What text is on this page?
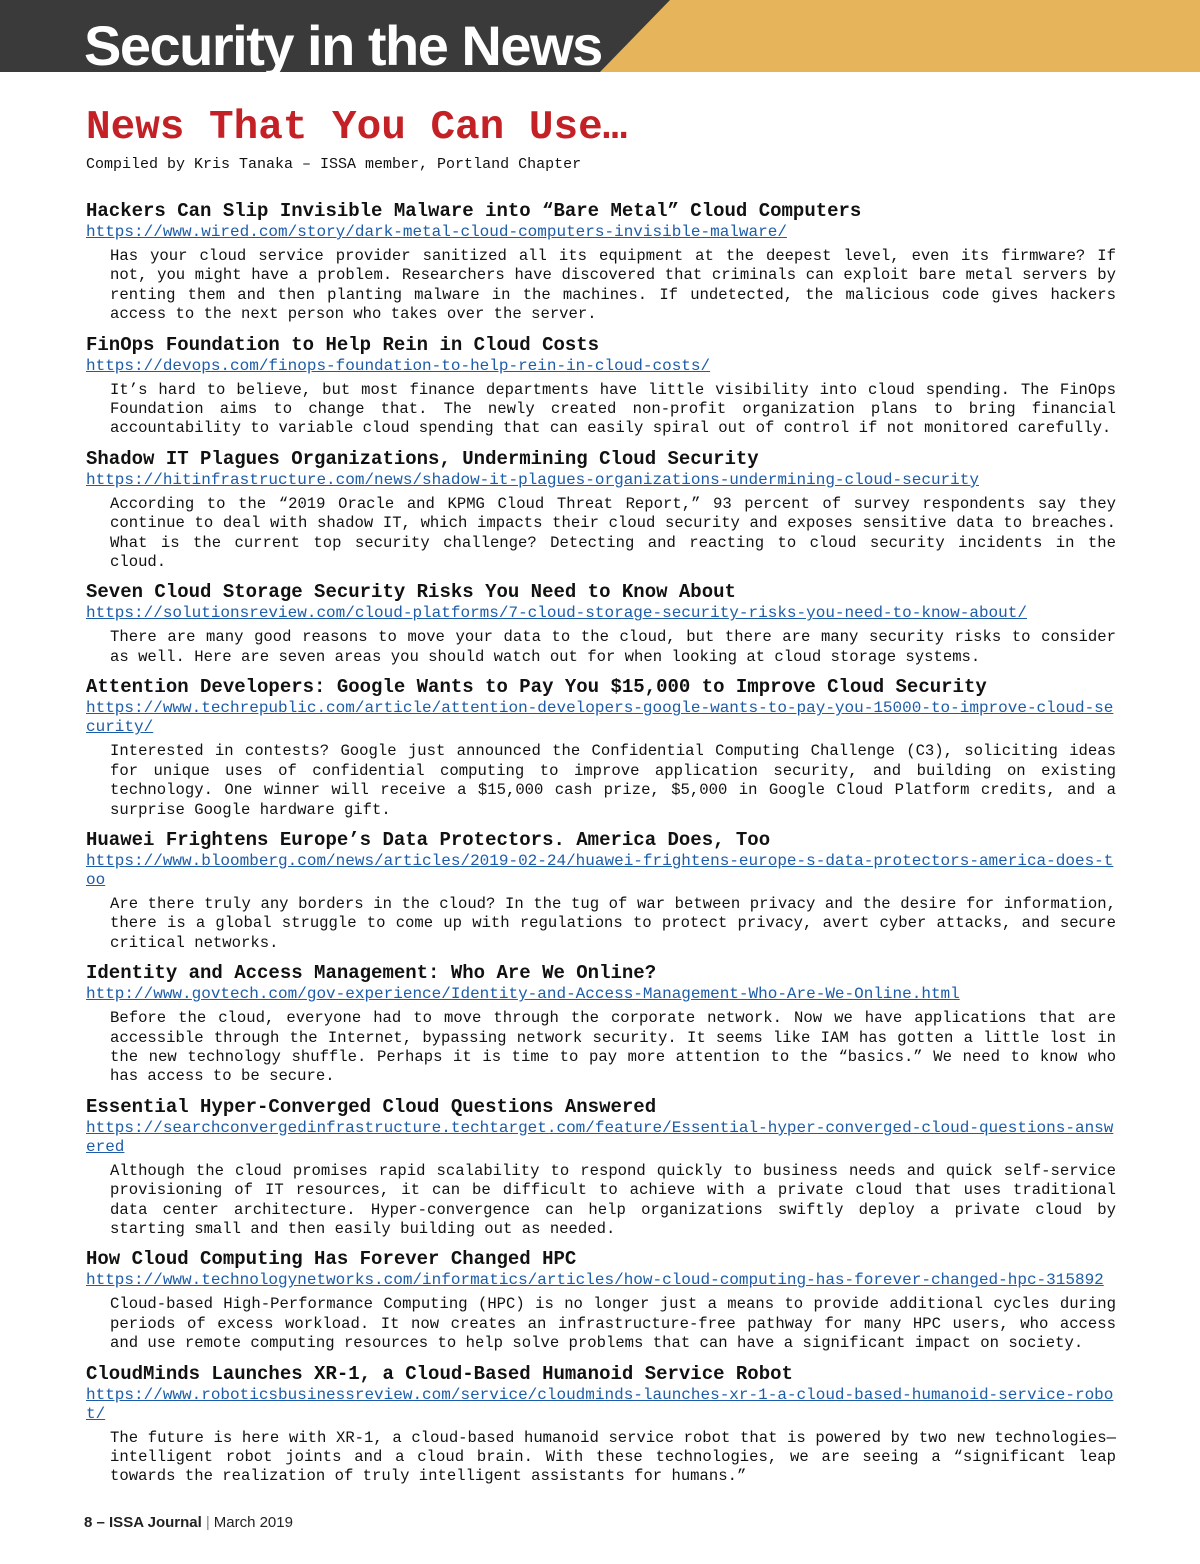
Security in the News
News That You Can Use…
Compiled by Kris Tanaka – ISSA member, Portland Chapter
Hackers Can Slip Invisible Malware into “Bare Metal” Cloud Computers
https://www.wired.com/story/dark-metal-cloud-computers-invisible-malware/
Has your cloud service provider sanitized all its equipment at the deepest level, even its firmware? If not, you might have a problem. Researchers have discovered that criminals can exploit bare metal servers by renting them and then planting malware in the machines. If undetected, the malicious code gives hackers access to the next person who takes over the server.
FinOps Foundation to Help Rein in Cloud Costs
https://devops.com/finops-foundation-to-help-rein-in-cloud-costs/
It’s hard to believe, but most finance departments have little visibility into cloud spending. The FinOps Foundation aims to change that. The newly created non-profit organization plans to bring financial accountability to variable cloud spending that can easily spiral out of control if not monitored carefully.
Shadow IT Plagues Organizations, Undermining Cloud Security
https://hitinfrastructure.com/news/shadow-it-plagues-organizations-undermining-cloud-security
According to the “2019 Oracle and KPMG Cloud Threat Report,” 93 percent of survey respondents say they continue to deal with shadow IT, which impacts their cloud security and exposes sensitive data to breaches. What is the current top security challenge? Detecting and reacting to cloud security incidents in the cloud.
Seven Cloud Storage Security Risks You Need to Know About
https://solutionsreview.com/cloud-platforms/7-cloud-storage-security-risks-you-need-to-know-about/
There are many good reasons to move your data to the cloud, but there are many security risks to consider as well. Here are seven areas you should watch out for when looking at cloud storage systems.
Attention Developers: Google Wants to Pay You $15,000 to Improve Cloud Security
https://www.techrepublic.com/article/attention-developers-google-wants-to-pay-you-15000-to-improve-cloud-security/
Interested in contests? Google just announced the Confidential Computing Challenge (C3), soliciting ideas for unique uses of confidential computing to improve application security, and building on existing technology. One winner will receive a $15,000 cash prize, $5,000 in Google Cloud Platform credits, and a surprise Google hardware gift.
Huawei Frightens Europe’s Data Protectors. America Does, Too
https://www.bloomberg.com/news/articles/2019-02-24/huawei-frightens-europe-s-data-protectors-america-does-too
Are there truly any borders in the cloud? In the tug of war between privacy and the desire for information, there is a global struggle to come up with regulations to protect privacy, avert cyber attacks, and secure critical networks.
Identity and Access Management: Who Are We Online?
http://www.govtech.com/gov-experience/Identity-and-Access-Management-Who-Are-We-Online.html
Before the cloud, everyone had to move through the corporate network. Now we have applications that are accessible through the Internet, bypassing network security. It seems like IAM has gotten a little lost in the new technology shuffle. Perhaps it is time to pay more attention to the “basics.” We need to know who has access to be secure.
Essential Hyper-Converged Cloud Questions Answered
https://searchconvergedinfrastructure.techtarget.com/feature/Essential-hyper-converged-cloud-questions-answered
Although the cloud promises rapid scalability to respond quickly to business needs and quick self-service provisioning of IT resources, it can be difficult to achieve with a private cloud that uses traditional data center architecture. Hyper-convergence can help organizations swiftly deploy a private cloud by starting small and then easily building out as needed.
How Cloud Computing Has Forever Changed HPC
https://www.technologynetworks.com/informatics/articles/how-cloud-computing-has-forever-changed-hpc-315892
Cloud-based High-Performance Computing (HPC) is no longer just a means to provide additional cycles during periods of excess workload. It now creates an infrastructure-free pathway for many HPC users, who access and use remote computing resources to help solve problems that can have a significant impact on society.
CloudMinds Launches XR-1, a Cloud-Based Humanoid Service Robot
https://www.roboticsbusinessreview.com/service/cloudminds-launches-xr-1-a-cloud-based-humanoid-service-robot/
The future is here with XR-1, a cloud-based humanoid service robot that is powered by two new technologies—intelligent robot joints and a cloud brain. With these technologies, we are seeing a “significant leap towards the realization of truly intelligent assistants for humans.”
8 – ISSA Journal | March 2019
